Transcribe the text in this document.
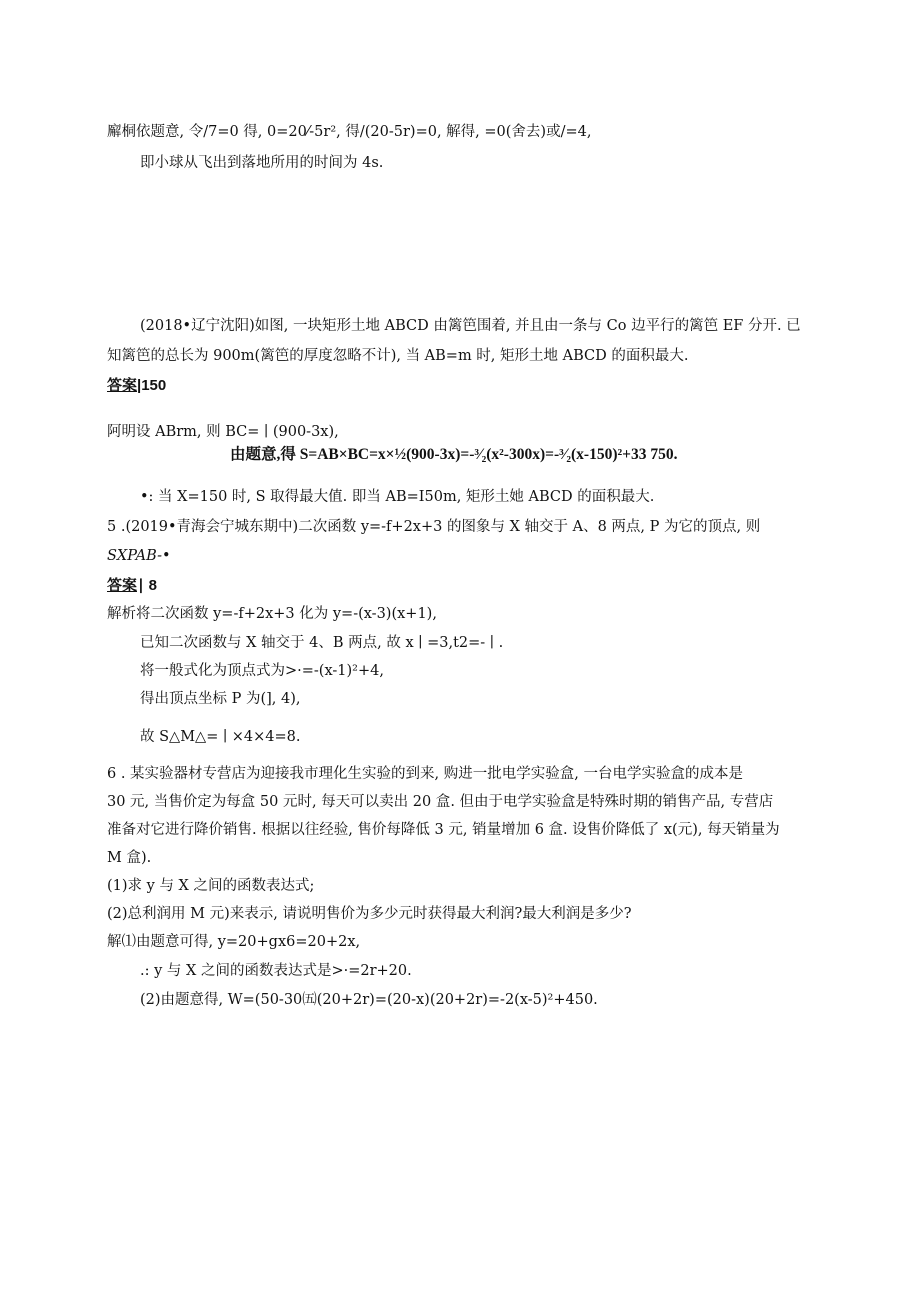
廨桐依题意, 令/7=0 得, 0=20⁄-5r², 得/(20-5r)=0, 解得, =0(舍去)或/=4,
即小球从飞出到落地所用的时间为 4s.
(2018•辽宁沈阳)如图, 一块矩形土地 ABCD 由篱笆围着, 并且由一条与 Co 边平行的篱笆 EF 分开. 已
知篱笆的总长为 900m(篱笆的厚度忽略不计), 当 AB=m 时, 矩形土地 ABCD 的面积最大.
答案|150
阿明设 ABrm, 则 BC= ∣ (900-3x),
由题意,得 S=AB×BC=x×½(900-3x)=-³⁄₂(x²-300x)=-³⁄₂(x-150)²+33 750.
•: 当 X=150 时, S 取得最大值. 即当 AB=I50m, 矩形土她 ABCD 的面积最大.
5 .(2019•青海会宁城东期中)二次函数 y=-f+2x+3 的图象与 X 轴交于 A、8 两点, P 为它的顶点, 则
SXPAB-•
答案∣ 8
解析将二次函数 y=-f+2x+3 化为 y=-(x-3)(x+1),
已知二次函数与 X 轴交于 4、B 两点, 故 x ∣ =3,t2=- ∣ .
将一般式化为顶点式为>·=-(x-1)²+4,
得出顶点坐标 P 为(], 4),
故 S△M△= ∣ ×4×4=8.
6 . 某实验器材专营店为迎接我市理化生实验的到来, 购进一批电学实验盒, 一台电学实验盒的成本是
30 元, 当售价定为每盒 50 元时, 每天可以卖出 20 盒. 但由于电学实验盒是特殊时期的销售产品, 专营店
准备对它进行降价销售. 根据以往经验, 售价每降低 3 元, 销量增加 6 盒. 设售价降低了 x(元), 每天销量为
M 盒).
(1)求 y 与 X 之间的函数表达式;
(2)总利润用 M 元)来表示, 请说明售价为多少元时获得最大利润?最大利润是多少?
解⑴由题意可得, y=20+gx6=20+2x,
.: y 与 X 之间的函数表达式是>·=2r+20.
(2)由题意得, W=(50-30㈤(20+2r)=(20-x)(20+2r)=-2(x-5)²+450.
